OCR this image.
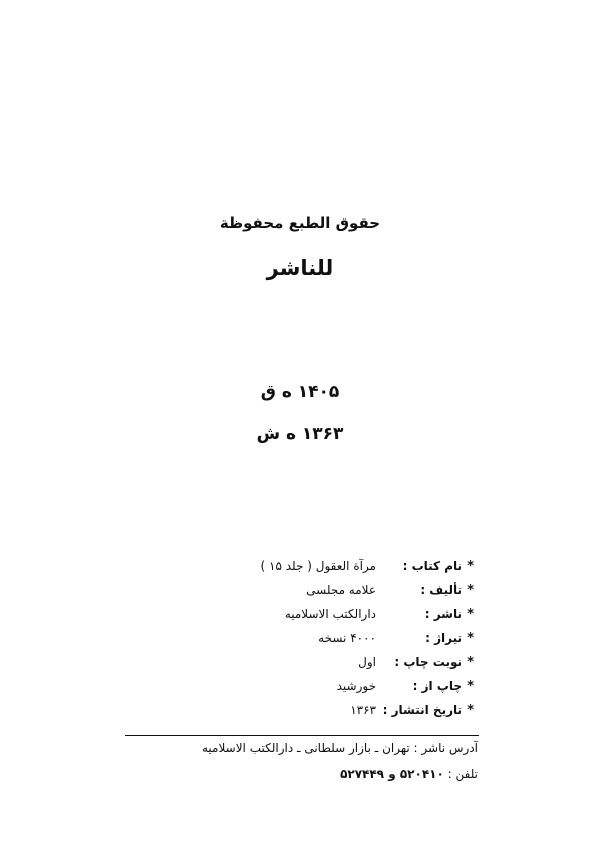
حقوق الطبع محفوظة
للناشر
۱۴۰۵ ه ق
۱۳۶۳ ه ش
*
نام کتاب :
مرآة العقول ( جلد ۱۵ )
*
تألیف :
علامه مجلسی
*
ناشر :
دارالکتب الاسلامیه
*
تیراژ :
۴۰۰۰ نسخه
*
نوبت چاپ :
اول
*
چاپ از :
خورشید
*
تاریخ انتشار :
۱۳۶۳
آدرس ناشر : تهران ـ بازار سلطانی ـ دارالکتب الاسلامیه
تلفن : ۵۲۰۴۱۰ و ۵۲۷۴۴۹
